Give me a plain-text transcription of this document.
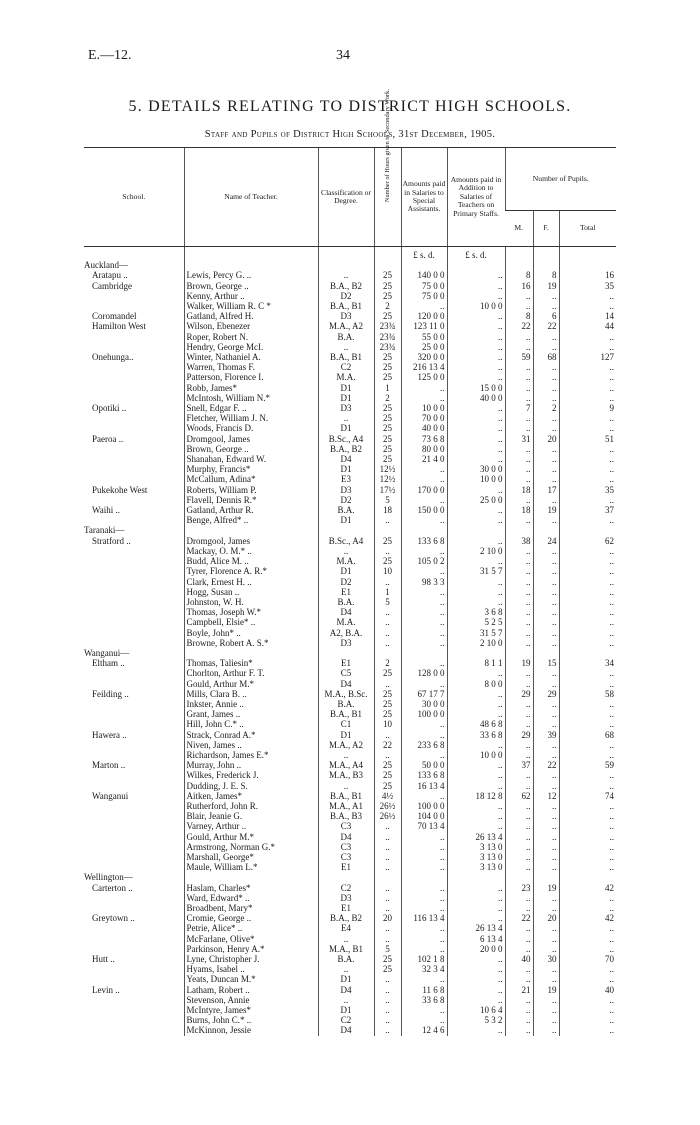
E.—12.	34
5. DETAILS RELATING TO DISTRICT HIGH SCHOOLS.
Staff and Pupils of District High Schools, 31st December, 1905.
School.	Name of Teacher.	Classification or Degree.	Number of Hours given to Secondary Work.	Amounts paid in Salaries to Special Assistants.	Amounts paid in Addition to Salaries of Teachers on Primary Staffs.	Number of Pupils.		
						M.	F.	Total
				£ s. d.	£ s. d.			
Auckland—								
Aratapu ..	Lewis, Percy G. ..	..	25	140 0 0	..	8	8	16
Cambridge	Brown, George ..	B.A., B2	25	75 0 0	..	16	19	35
	Kenny, Arthur ..	D2	25	75 0 0	..	..	..	..
	Walker, William R. C *	B.A., B1	2	..	10 0 0	..	..	..
Coromandel	Gatland, Alfred H.	D3	25	120 0 0	..	8	6	14
Hamilton West	Wilson, Ebenezer	M.A., A2	23¾	123 11 0	..	22	22	44
	Roper, Robert N.	B.A.	23¾	55 0 0	..	..	..	..
	Hendry, George McI.	..	23¾	25 0 0	..	..	..	..
Onehunga..	Winter, Nathaniel A.	B.A., B1	25	320 0 0	..	59	68	127
	Warren, Thomas F.	C2	25	216 13 4	..	..	..	..
	Patterson, Florence I.	M.A.	25	125 0 0	..	..	..	..
	Robb, James*	D1	1	..	15 0 0	..	..	..
	McIntosh, William N.*	D1	2	..	40 0 0	..	..	..
Opotiki ..	Snell, Edgar F. ..	D3	25	10 0 0	..	7	2	9
	Fletcher, William J. N.	..	25	70 0 0	..	..	..	..
	Woods, Francis D.	D1	25	40 0 0	..	..	..	..
Paeroa ..	Dromgool, James	B.Sc., A4	25	73 6 8	..	31	20	51
	Brown, George ..	B.A., B2	25	80 0 0	..	..	..	..
	Shanahan, Edward W.	D4	25	21 4 0	..	..	..	..
	Murphy, Francis*	D1	12½	..	30 0 0	..	..	..
	McCallum, Adina*	E3	12½	..	10 0 0	..	..	..
Pukekohe West	Roberts, William P.	D3	17½	170 0 0	..	18	17	35
	Flavell, Dennis R.*	D2	5	..	25 0 0	..	..	..
Waihi ..	Gatland, Arthur R.	B.A.	18	150 0 0	..	18	19	37
	Benge, Alfred* ..	D1	..	..	..	..	..	..
Taranaki—								
Stratford ..	Dromgool, James	B.Sc., A4	25	133 6 8	..	38	24	62
	Mackay, O. M.* ..	..	..	..	2 10 0	..	..	..
	Budd, Alice M. ..	M.A.	25	105 0 2	..	..	..	..
	Tyrer, Florence A. R.*	D1	10	..	31 5 7	..	..	..
	Clark, Ernest H. ..	D2	..	98 3 3	..	..	..	..
	Hogg, Susan ..	E1	1	..	..	..	..	..
	Johnston, W. H.	B.A.	5	..	..	..	..	..
	Thomas, Joseph W.*	D4	..	..	3 6 8	..	..	..
	Campbell, Elsie* ..	M.A.	..	..	5 2 5	..	..	..
	Boyle, John* ..	A2, B.A.	..	..	31 5 7	..	..	..
	Browne, Robert A. S.*	D3	..	..	2 10 0	..	..	..
Wanganui—								
Eltham ..	Thomas, Taliesin*	E1	2	..	8 1 1	19	15	34
	Chorlton, Arthur F. T.	C5	25	128 0 0	..	..	..	..
	Gould, Arthur M.*	D4	..	..	8 0 0	..	..	..
Feilding ..	Mills, Clara B. ..	M.A., B.Sc.	25	67 17 7	..	29	29	58
	Inkster, Annie ..	B.A.	25	30 0 0	..	..	..	..
	Grant, James ..	B.A., B1	25	100 0 0	..	..	..	..
	Hill, John C.* ..	C1	10	..	48 6 8	..	..	..
Hawera ..	Strack, Conrad A.*	D1	..	..	33 6 8	29	39	68
	Niven, James ..	M.A., A2	22	233 6 8	..	..	..	..
	Richardson, James E.*	..	..	..	10 0 0	..	..	..
Marton ..	Murray, John ..	M.A., A4	25	50 0 0	..	37	22	59
	Wilkes, Frederick J.	M.A., B3	25	133 6 8	..	..	..	..
	Dudding, J. E. S.	..	25	16 13 4	..	..	..	..
Wanganui	Aitken, James*	B.A., B1	4½	..	18 12 8	62	12	74
	Rutherford, John R.	M.A., A1	26½	100 0 0	..	..	..	..
	Blair, Jeanie G.	B.A., B3	26½	104 0 0	..	..	..	..
	Varney, Arthur ..	C3	..	70 13 4	..	..	..	..
	Gould, Arthur M.*	D4	..	..	26 13 4	..	..	..
	Armstrong, Norman G.*	C3	..	..	3 13 0	..	..	..
	Marshall, George*	C3	..	..	3 13 0	..	..	..
	Maule, William L.*	E1	..	..	3 13 0	..	..	..
Wellington—								
Carterton ..	Haslam, Charles*	C2	..	..	..	23	19	42
	Ward, Edward* ..	D3	..	..	..	..	..	..
	Broadbent, Mary*	E1	..	..	..	..	..	..
Greytown ..	Cromie, George ..	B.A., B2	20	116 13 4	..	22	20	42
	Petrie, Alice* ..	E4	..	..	26 13 4	..	..	..
	McFarlane, Olive*	..	..	..	6 13 4	..	..	..
	Parkinson, Henry A.*	M.A., B1	5	..	20 0 0	..	..	..
Hutt ..	Lyne, Christopher J.	B.A.	25	102 1 8	..	40	30	70
	Hyams, Isabel ..	..	25	32 3 4	..	..	..	..
	Yeats, Duncan M.*	D1	..	..	..	..	..	..
Levin ..	Latham, Robert ..	D4	..	11 6 8	..	21	19	40
	Stevenson, Annie	..	..	33 6 8	..	..	..	..
	McIntyre, James*	D1	..	..	10 6 4	..	..	..
	Burns, John C.* ..	C2	..	..	5 3 2	..	..	..
	McKinnon, Jessie	D4	..	12 4 6	..	..	..	..
